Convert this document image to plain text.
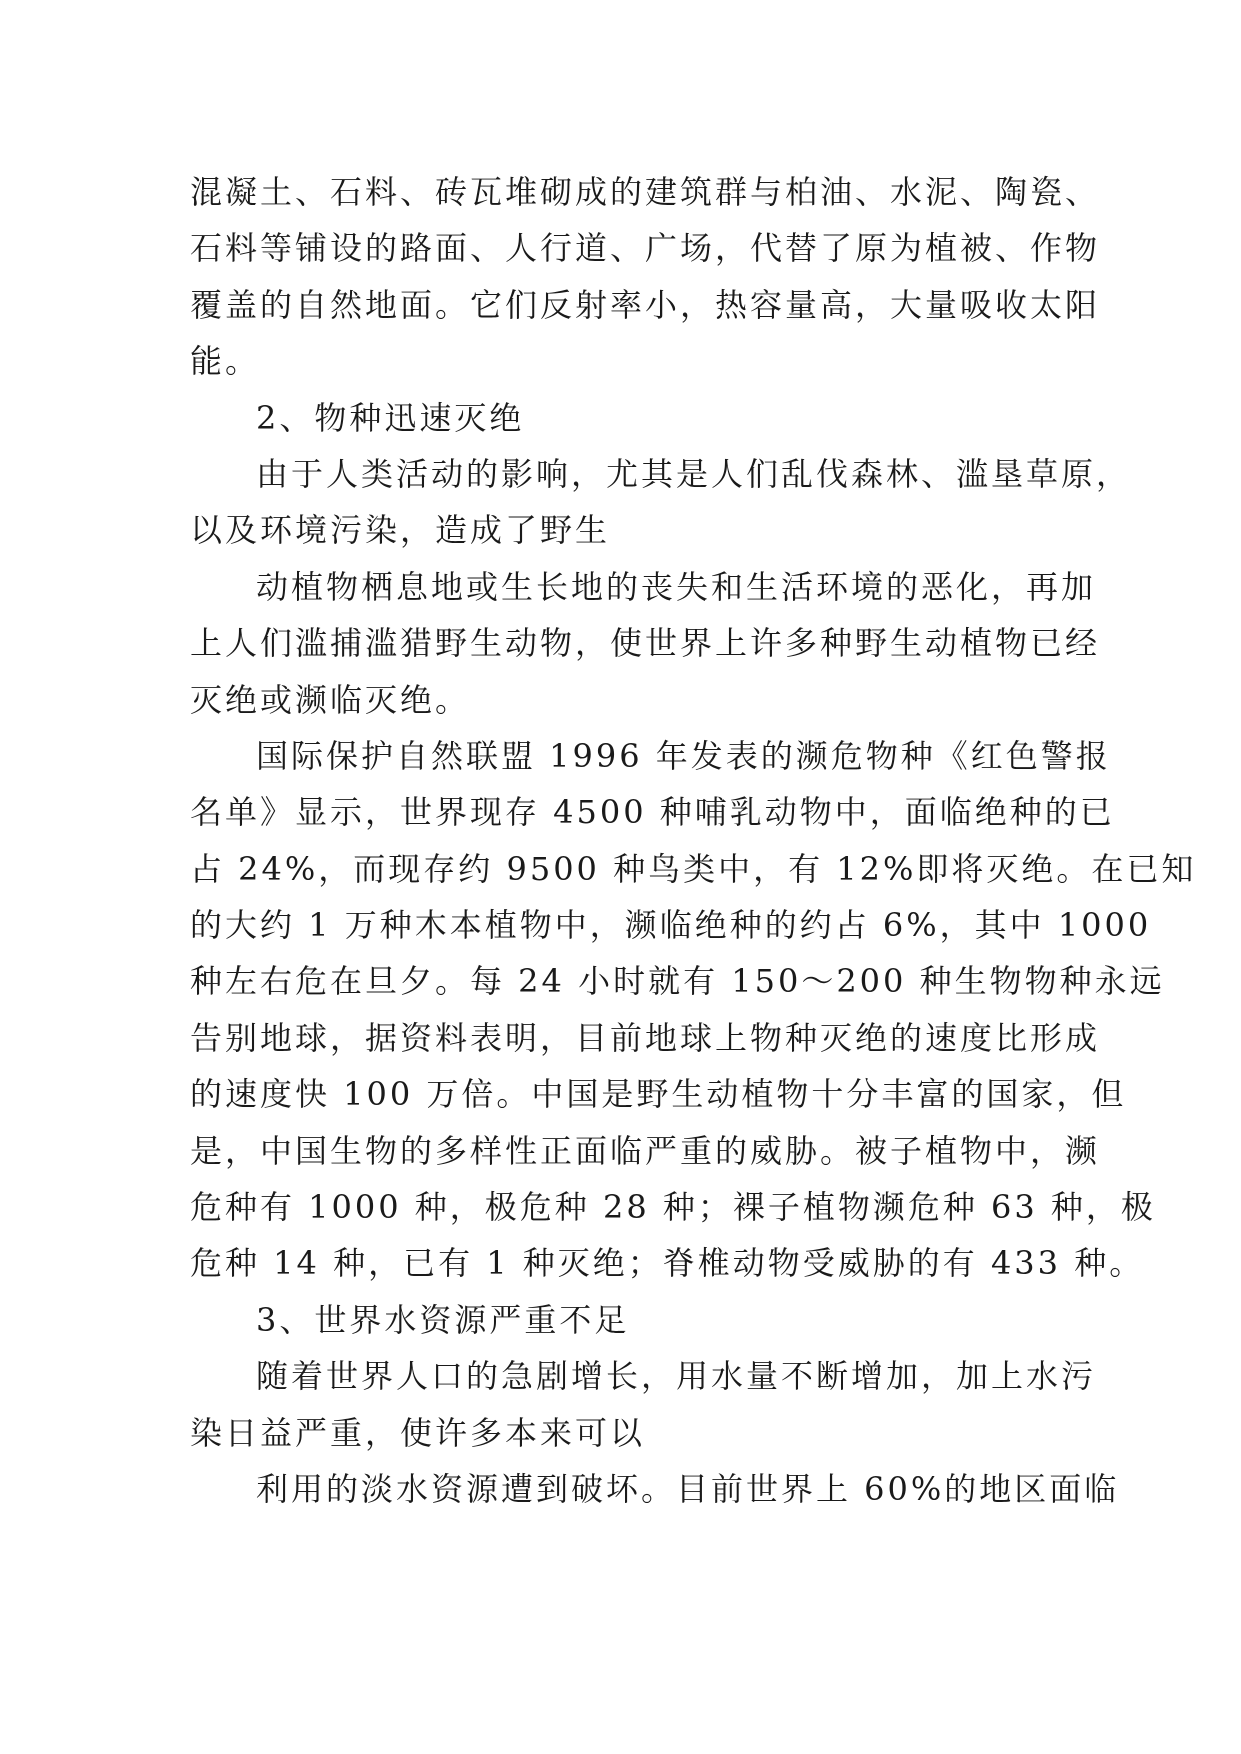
混凝土、石料、砖瓦堆砌成的建筑群与柏油、水泥、陶瓷、
石料等铺设的路面、人行道、广场，代替了原为植被、作物
覆盖的自然地面。它们反射率小，热容量高，大量吸收太阳
能。
2、物种迅速灭绝
由于人类活动的影响，尤其是人们乱伐森林、滥垦草原，
以及环境污染，造成了野生
动植物栖息地或生长地的丧失和生活环境的恶化，再加
上人们滥捕滥猎野生动物，使世界上许多种野生动植物已经
灭绝或濒临灭绝。
国际保护自然联盟 1996 年发表的濒危物种《红色警报
名单》显示，世界现存 4500 种哺乳动物中，面临绝种的已
占 24%，而现存约 9500 种鸟类中，有 12%即将灭绝。在已知
的大约 1 万种木本植物中，濒临绝种的约占 6%，其中 1000
种左右危在旦夕。每 24 小时就有 150～200 种生物物种永远
告别地球，据资料表明，目前地球上物种灭绝的速度比形成
的速度快 100 万倍。中国是野生动植物十分丰富的国家，但
是，中国生物的多样性正面临严重的威胁。被子植物中，濒
危种有 1000 种，极危种 28 种；裸子植物濒危种 63 种，极
危种 14 种，已有 1 种灭绝；脊椎动物受威胁的有 433 种。
3、世界水资源严重不足
随着世界人口的急剧增长，用水量不断增加，加上水污
染日益严重，使许多本来可以
利用的淡水资源遭到破坏。目前世界上 60%的地区面临
